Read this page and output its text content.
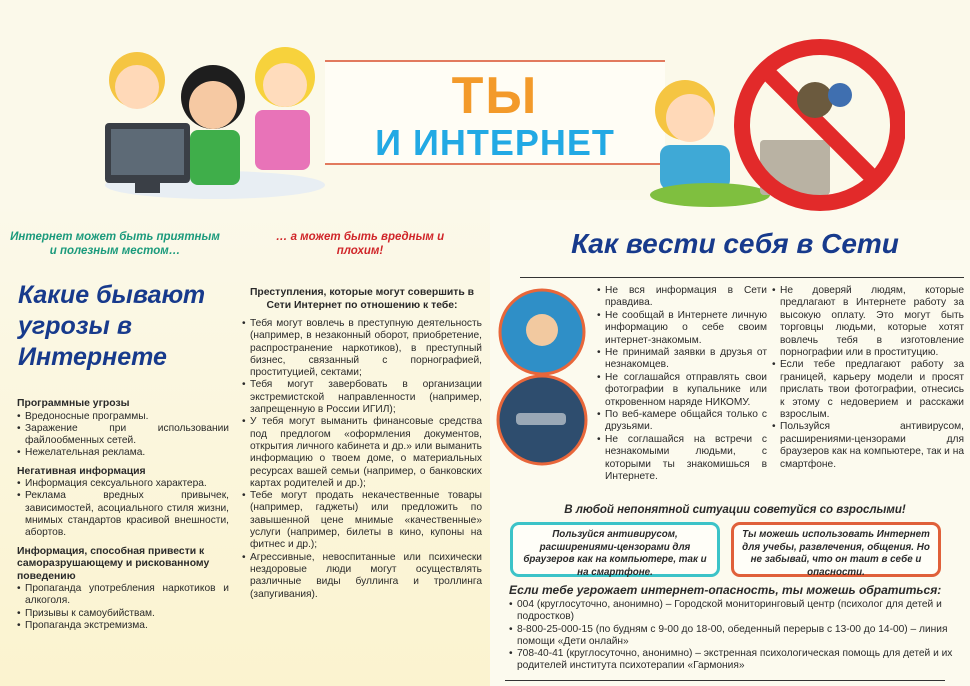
ТЫ
И ИНТЕРНЕТ
Интернет может быть приятным и полезным местом…
Какие бывают угрозы в Интернете
Программные угрозы
• Вредоносные программы.
• Заражение при использовании файлообменных сетей.
• Нежелательная реклама.
Негативная информация
• Информация сексуального характера.
• Реклама вредных привычек, зависимостей, асоциального стиля жизни, мнимых стандартов красивой внешности, абортов.
Информация, способная привести к саморазрушающему и рискованному поведению
• Пропаганда употребления наркотиков и алкоголя.
• Призывы к самоубийствам.
• Пропаганда экстремизма.
… а может быть вредным и плохим!
Преступления, которые могут совершить в Сети Интернет по отношению к тебе:
• Тебя могут вовлечь в преступную деятельность (например, в незаконный оборот, приобретение, распространение наркотиков), в преступный бизнес, связанный с порнографией, проституцией, сектами;
• Тебя могут завербовать в организации экстремистской направленности (например, запрещенную в России ИГИЛ);
• У тебя могут выманить финансовые средства под предлогом «оформления документов, открытия личного кабинета и др.» или выманить информацию о твоем доме, о материальных ресурсах вашей семьи (например, о банковских картах родителей и др.);
• Тебе могут продать некачественные товары (например, гаджеты) или предложить по завышенной цене мнимые «качественные» услуги (например, билеты в кино, купоны на фитнес и др.);
• Агрессивные, невоспитанные или психически нездоровые люди могут осуществлять различные виды буллинга и троллинга (запугивания).
Как вести себя в Сети
• Не вся информация в Сети правдива.
• Не сообщай в Интернете личную информацию о себе своим интернет-знакомым.
• Не принимай заявки в друзья от незнакомцев.
• Не соглашайся отправлять свои фотографии в купальнике или откровенном наряде НИКОМУ.
• По веб-камере общайся только с друзьями.
• Не соглашайся на встречи с незнакомыми людьми, с которыми ты знакомишься в Интернете.
• Не доверяй людям, которые предлагают в Интернете работу за высокую оплату. Это могут быть торговцы людьми, которые хотят вовлечь тебя в изготовление порнографии или в проституцию.
• Если тебе предлагают работу за границей, карьеру модели и просят прислать твои фотографии, отнесись к этому с недоверием и расскажи взрослым.
• Пользуйся антивирусом, расширениями-цензорами для браузеров как на компьютере, так и на смартфоне.
В любой непонятной ситуации советуйся со взрослыми!
Пользуйся антивирусом, расширениями-цензорами для браузеров как на компьютере, так и на смартфоне.
Ты можешь использовать Интернет для учебы, развлечения, общения. Но не забывай, что он таит в себе и опасности.
Если тебе угрожает интернет-опасность, ты можешь обратиться:
• 004 (круглосуточно, анонимно) – Городской мониторинговый центр (психолог для детей и подростков)
• 8-800-25-000-15 (по будням с 9-00 до 18-00, обеденный перерыв с 13-00 до 14-00) – линия помощи «Дети онлайн»
• 708-40-41 (круглосуточно, анонимно) – экстренная психологическая помощь для детей и их родителей института психотерапии «Гармония»
